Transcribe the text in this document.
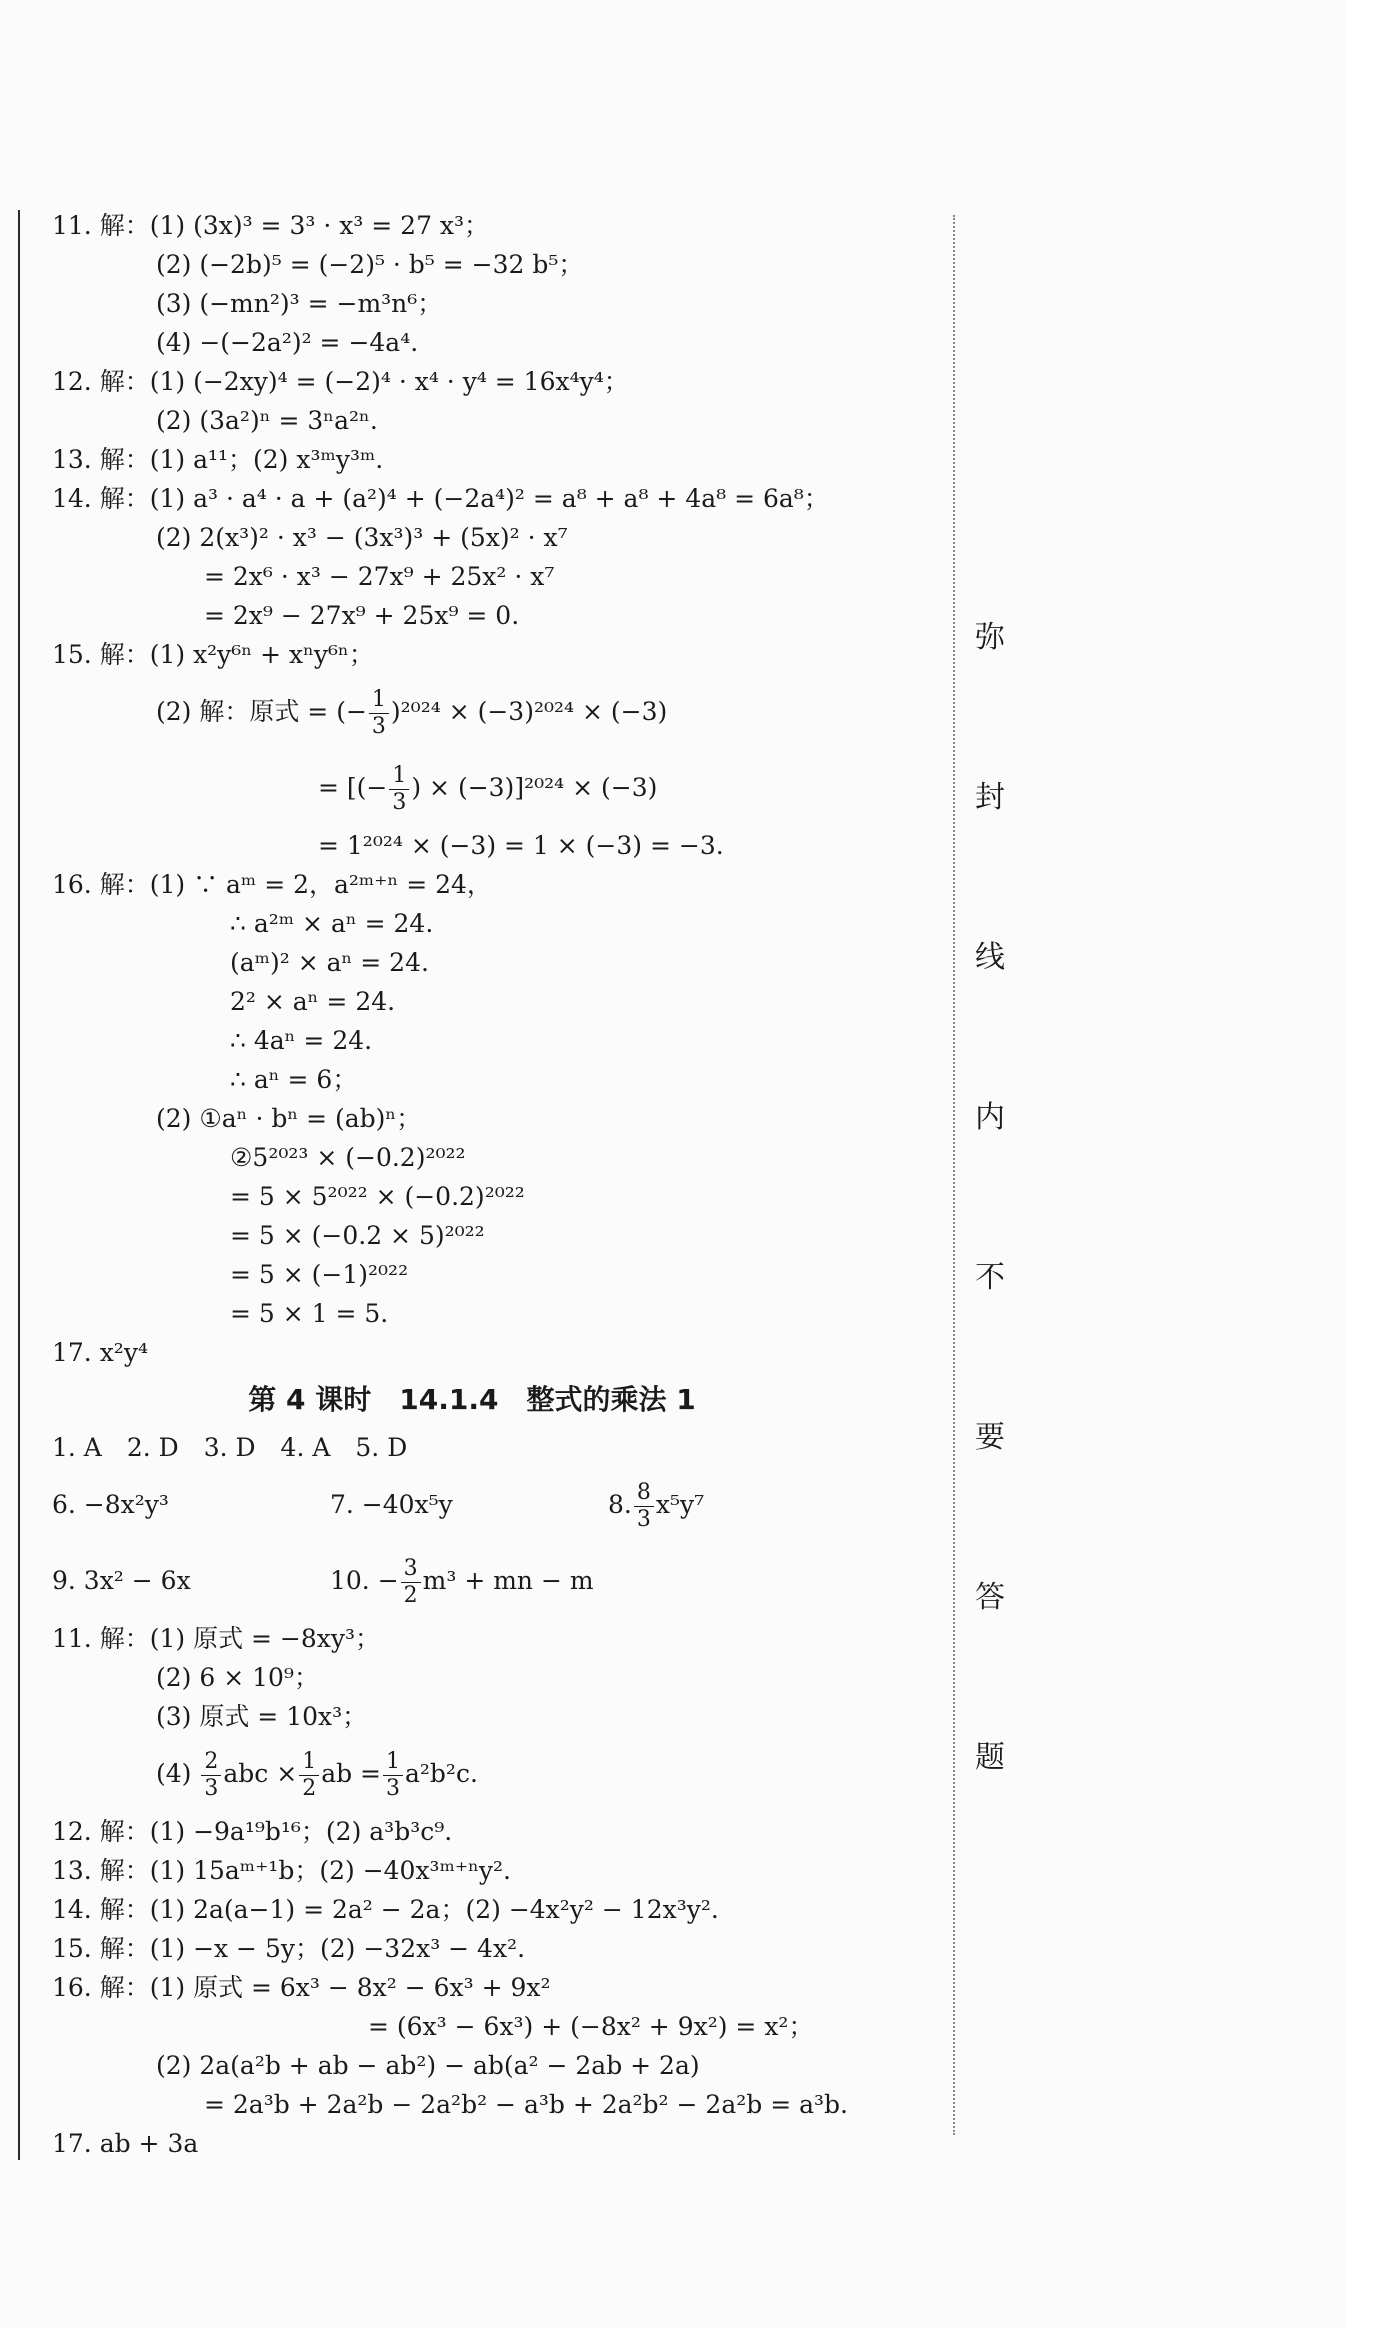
弥
封
线
内
不
要
答
题
11. 解：(1) (3x)³ = 3³ · x³ = 27 x³；
(2) (−2b)⁵ = (−2)⁵ · b⁵ = −32 b⁵；
(3) (−mn²)³ = −m³n⁶；
(4) −(−2a²)² = −4a⁴.
12. 解：(1) (−2xy)⁴ = (−2)⁴ · x⁴ · y⁴ = 16x⁴y⁴；
(2) (3a²)ⁿ = 3ⁿa²ⁿ.
13. 解：(1) a¹¹；(2) x³ᵐy³ᵐ.
14. 解：(1) a³ · a⁴ · a + (a²)⁴ + (−2a⁴)² = a⁸ + a⁸ + 4a⁸ = 6a⁸；
(2) 2(x³)² · x³ − (3x³)³ + (5x)² · x⁷
= 2x⁶ · x³ − 27x⁹ + 25x² · x⁷
= 2x⁹ − 27x⁹ + 25x⁹ = 0.
15. 解：(1) x²y⁶ⁿ + xⁿy⁶ⁿ；
(2) 解：原式 = (− $\frac{1}{3} )^{2024} \times (-3)^{2024} \times (-3)$
= [(− $\frac{1}{3}$ ) × (−3)]²⁰²⁴ × (−3)
= 1²⁰²⁴ × (−3) = 1 × (−3) = −3.
16. 解：(1) ∵ aᵐ = 2，a²ᵐ⁺ⁿ = 24，
∴ a²ᵐ × aⁿ = 24.
(aᵐ)² × aⁿ = 24.
2² × aⁿ = 24.
∴ 4aⁿ = 24.
∴ aⁿ = 6；
(2) ①aⁿ · bⁿ = (ab)ⁿ；
②5²⁰²³ × (−0.2)²⁰²²
= 5 × 5²⁰²² × (−0.2)²⁰²²
= 5 × (−0.2 × 5)²⁰²²
= 5 × (−1)²⁰²²
= 5 × 1 = 5.
17. x²y⁴
第 4 课时　14.1.4　整式的乘法 1
1. A　2. D　3. D　4. A　5. D
6. −8x²y³	7. −40x⁵y	8. $\frac{8}{3} x^5y^7$
9. 3x² − 6x	10. − $\frac{3}{2} m^3$ + mn − m
11. 解：(1) 原式 = −8xy³；
(2) 6 × 10⁹；
(3) 原式 = 10x³；
$(4) \frac{2}{3}$ abc × $\frac{1}{2}$ ab = $\frac{1}{3} a^2b^2c$.
12. 解：(1) −9a¹⁹b¹⁶；(2) a³b³c⁹.
13. 解：(1) 15aᵐ⁺¹b；(2) −40x³ᵐ⁺ⁿy².
14. 解：(1) 2a(a−1) = 2a² − 2a；(2) −4x²y² − 12x³y².
15. 解：(1) −x − 5y；(2) −32x³ − 4x².
16. 解：(1) 原式 = 6x³ − 8x² − 6x³ + 9x²
= (6x³ − 6x³) + (−8x² + 9x²) = x²；
(2) 2a(a²b + ab − ab²) − ab(a² − 2ab + 2a)
= 2a³b + 2a²b − 2a²b² − a³b + 2a²b² − 2a²b = a³b.
17. ab + 3a
